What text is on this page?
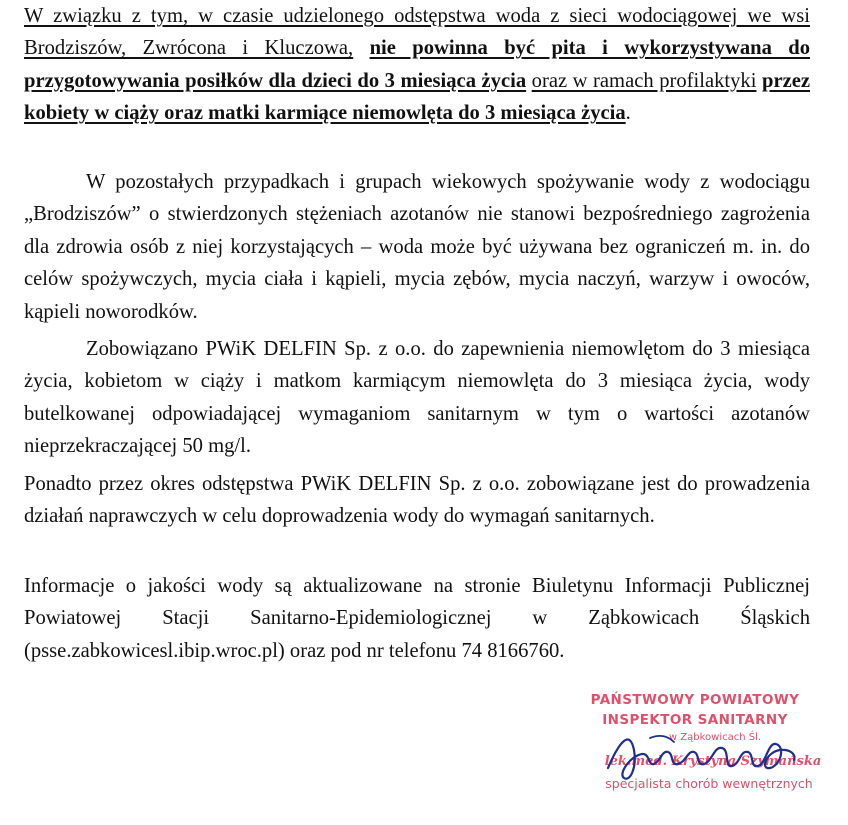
W związku z tym, w czasie udzielonego odstępstwa woda z sieci wodociągowej we wsi Brodziszów, Zwrócona i Kluczowa, nie powinna być pita i wykorzystywana do przygotowywania posiłków dla dzieci do 3 miesiąca życia oraz w ramach profilaktyki przez kobiety w ciąży oraz matki karmiące niemowlęta do 3 miesiąca życia.

W pozostałych przypadkach i grupach wiekowych spożywanie wody z wodociągu „Brodziszów” o stwierdzonych stężeniach azotanów nie stanowi bezpośredniego zagrożenia dla zdrowia osób z niej korzystających – woda może być używana bez ograniczeń m. in. do celów spożywczych, mycia ciała i kąpieli, mycia zębów, mycia naczyń, warzyw i owoców, kąpieli noworodków.

Zobowiązano PWiK DELFIN Sp. z o.o. do zapewnienia niemowlętom do 3 miesiąca życia, kobietom w ciąży i matkom karmiącym niemowlęta do 3 miesiąca życia, wody butelkowanej odpowiadającej wymaganiom sanitarnym w tym o wartości azotanów nieprzekraczającej 50 mg/l.

Ponadto przez okres odstępstwa PWiK DELFIN Sp. z o.o. zobowiązane jest do prowadzenia działań naprawczych w celu doprowadzenia wody do wymagań sanitarnych.

Informacje o jakości wody są aktualizowane na stronie Biuletynu Informacji Publicznej Powiatowej Stacji Sanitarno-Epidemiologicznej w Ząbkowicach Śląskich (psse.zabkowicesl.ibip.wroc.pl) oraz pod nr telefonu 74 8166760.

PAŃSTWOWY POWIATOWY
INSPEKTOR SANITARNY
w Ząbkowicach Śl.
lek.med. Krystyna Szymańska
specjalista chorób wewnętrznych
